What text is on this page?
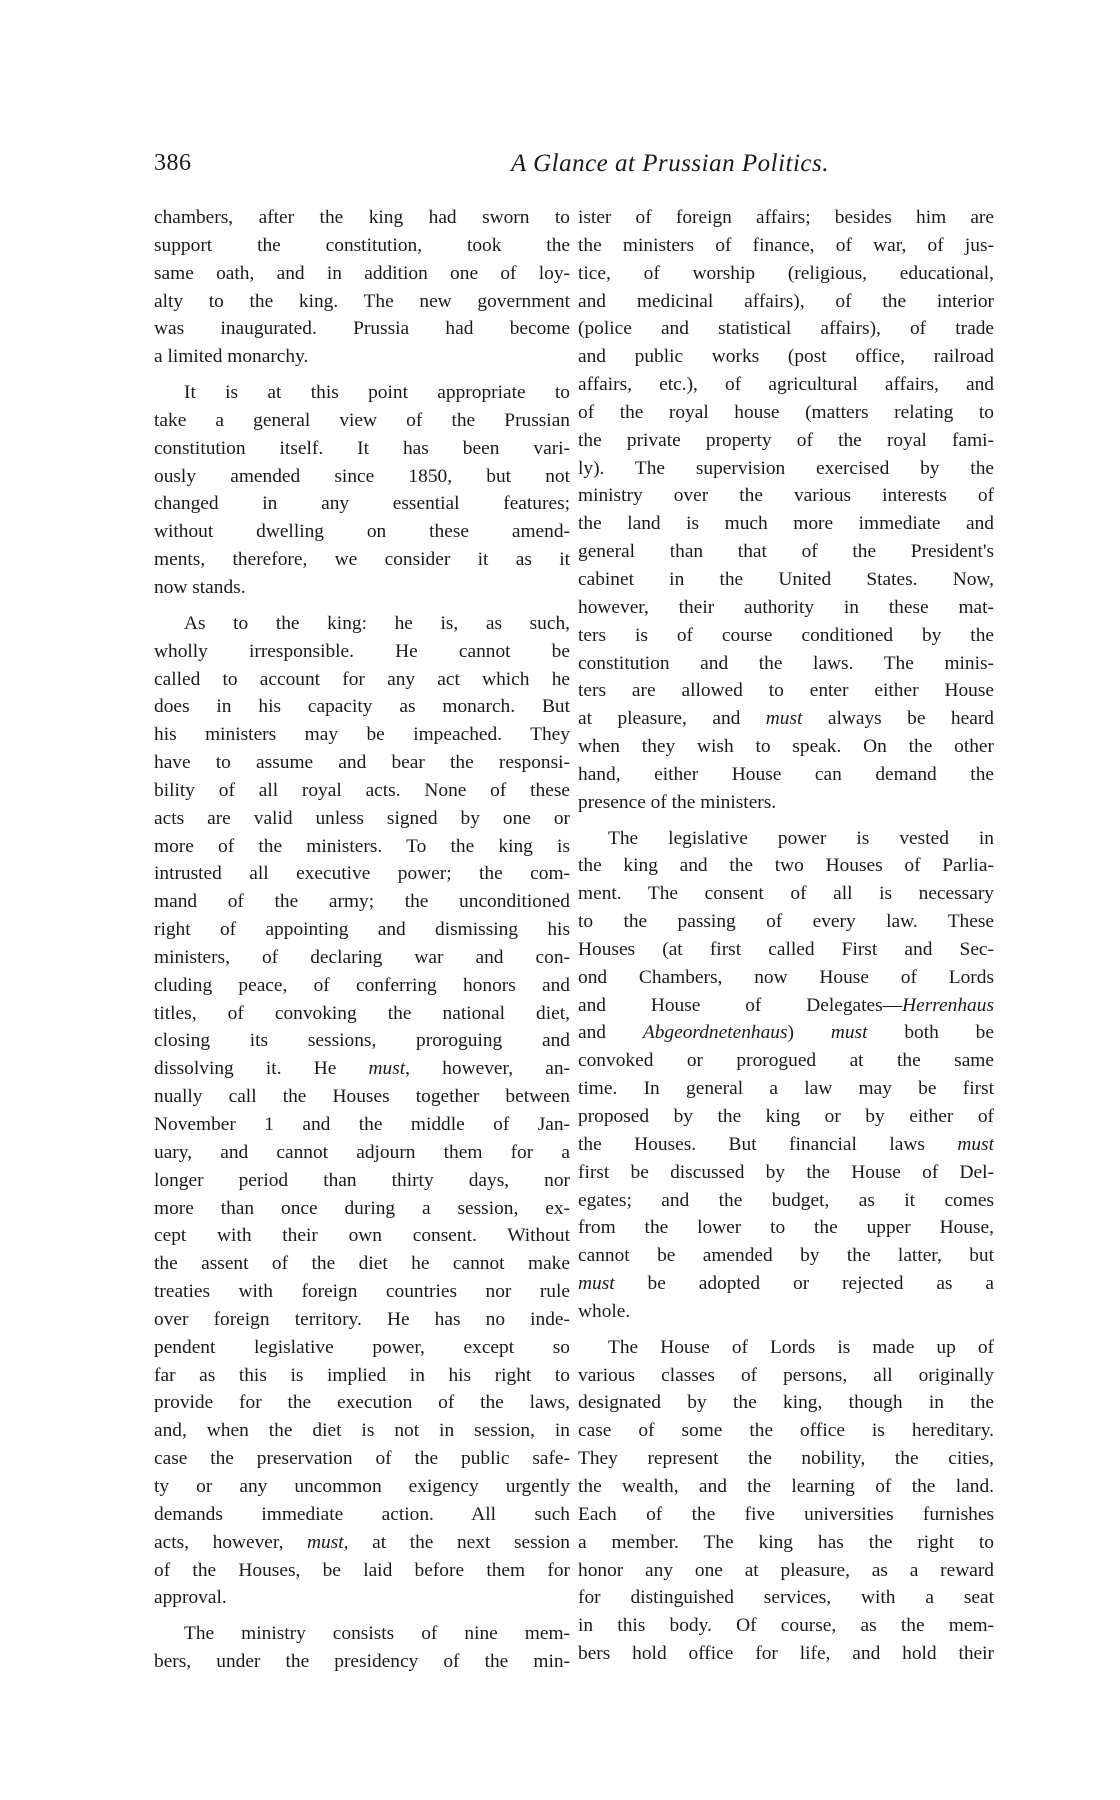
386	A Glance at Prussian Politics.
chambers, after the king had sworn to
support the constitution, took the
same oath, and in addition one of loy-
alty to the king. The new government
was inaugurated. Prussia had become
a limited monarchy.
It is at this point appropriate to
take a general view of the Prussian
constitution itself. It has been vari-
ously amended since 1850, but not
changed in any essential features;
without dwelling on these amend-
ments, therefore, we consider it as it
now stands.
As to the king: he is, as such,
wholly irresponsible. He cannot be
called to account for any act which he
does in his capacity as monarch. But
his ministers may be impeached. They
have to assume and bear the responsi-
bility of all royal acts. None of these
acts are valid unless signed by one or
more of the ministers. To the king is
intrusted all executive power; the com-
mand of the army; the unconditioned
right of appointing and dismissing his
ministers, of declaring war and con-
cluding peace, of conferring honors and
titles, of convoking the national diet,
closing its sessions, proroguing and
dissolving it. He must, however, an-
nually call the Houses together between
November 1 and the middle of Jan-
uary, and cannot adjourn them for a
longer period than thirty days, nor
more than once during a session, ex-
cept with their own consent. Without
the assent of the diet he cannot make
treaties with foreign countries nor rule
over foreign territory. He has no inde-
pendent legislative power, except so
far as this is implied in his right to
provide for the execution of the laws,
and, when the diet is not in session, in
case the preservation of the public safe-
ty or any uncommon exigency urgently
demands immediate action. All such
acts, however, must, at the next session
of the Houses, be laid before them for
approval.
The ministry consists of nine mem-
bers, under the presidency of the min-
ister of foreign affairs; besides him are
the ministers of finance, of war, of jus-
tice, of worship (religious, educational,
and medicinal affairs), of the interior
(police and statistical affairs), of trade
and public works (post office, railroad
affairs, etc.), of agricultural affairs, and
of the royal house (matters relating to
the private property of the royal fami-
ly). The supervision exercised by the
ministry over the various interests of
the land is much more immediate and
general than that of the President's
cabinet in the United States. Now,
however, their authority in these mat-
ters is of course conditioned by the
constitution and the laws. The minis-
ters are allowed to enter either House
at pleasure, and must always be heard
when they wish to speak. On the other
hand, either House can demand the
presence of the ministers.
The legislative power is vested in
the king and the two Houses of Parlia-
ment. The consent of all is necessary
to the passing of every law. These
Houses (at first called First and Sec-
ond Chambers, now House of Lords
and House of Delegates—Herrenhaus
and Abgeordnetenhaus) must both be
convoked or prorogued at the same
time. In general a law may be first
proposed by the king or by either of
the Houses. But financial laws must
first be discussed by the House of Del-
egates; and the budget, as it comes
from the lower to the upper House,
cannot be amended by the latter, but
must be adopted or rejected as a
whole.
The House of Lords is made up of
various classes of persons, all originally
designated by the king, though in the
case of some the office is hereditary.
They represent the nobility, the cities,
the wealth, and the learning of the land.
Each of the five universities furnishes
a member. The king has the right to
honor any one at pleasure, as a reward
for distinguished services, with a seat
in this body. Of course, as the mem-
bers hold office for life, and hold their
